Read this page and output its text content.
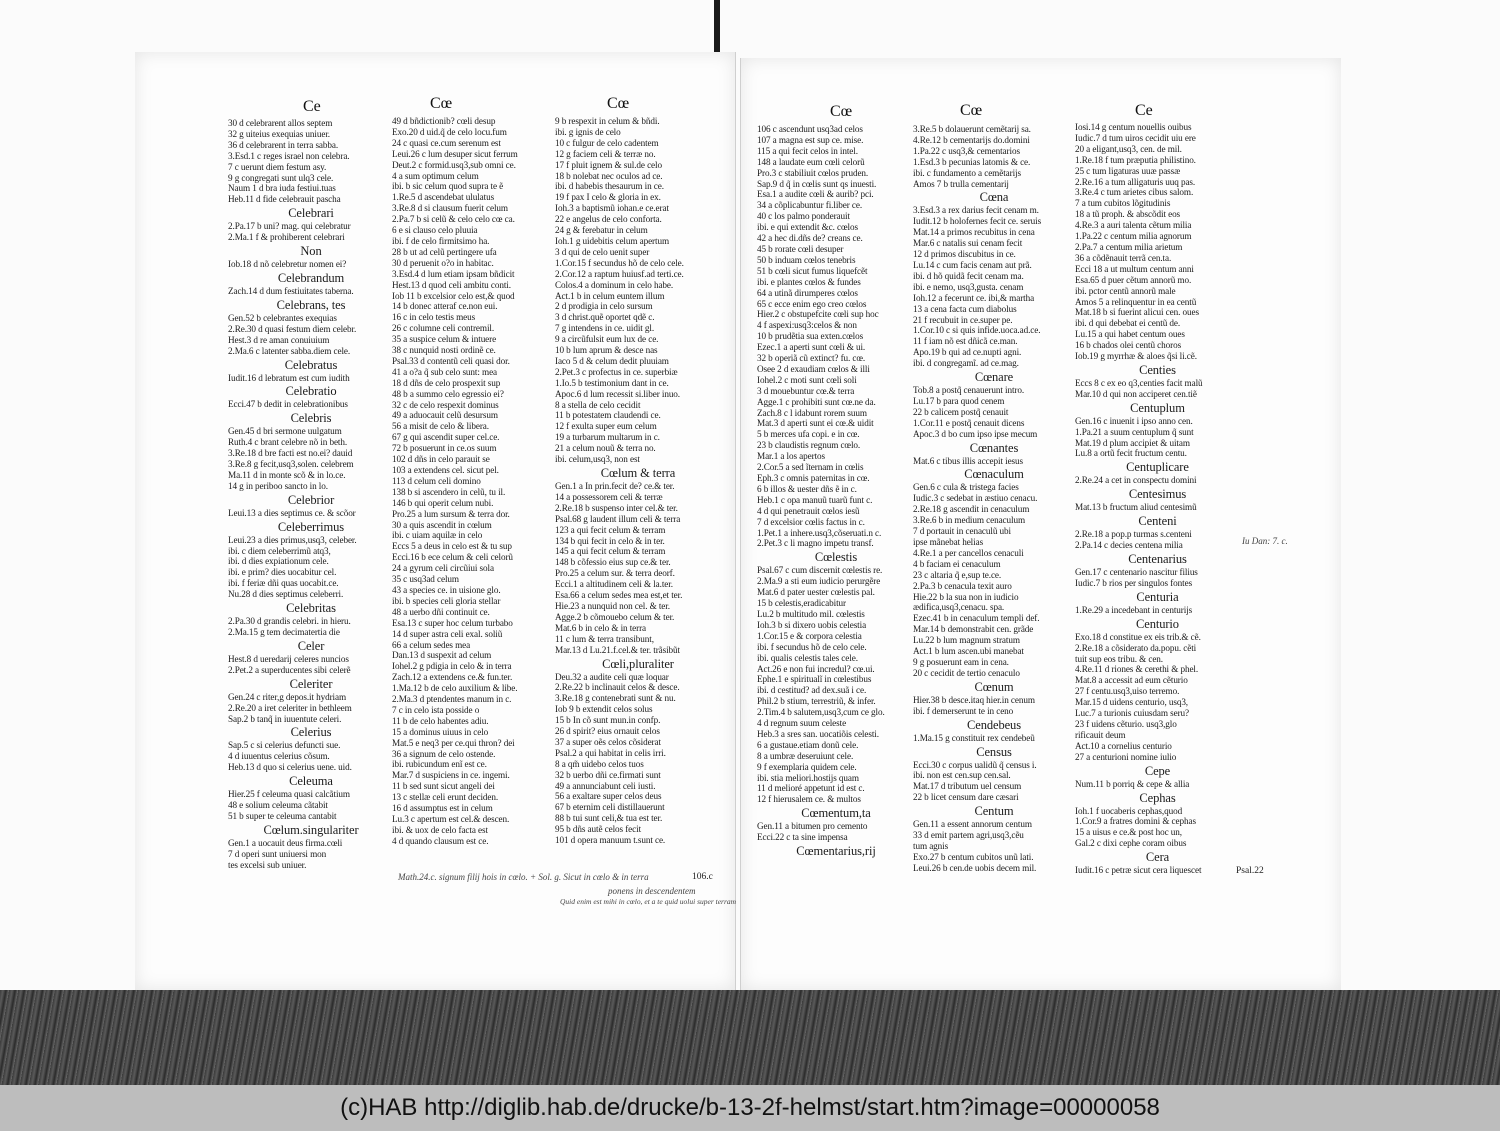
Ce	Cœ	Cœ	Cœ	Cœ	Ce
30 d celebrarent allos septem
32 g uiteius exequias uniuer.
36 d celebrarent in terra sabba.
3.Esd.1 c reges israel non celebra.
7 c uerunt diem festum asy.
9 g congregati sunt ulq3 cele.
Naum 1 d bra iuda festiui.tuas
Heb.11 d fide celebrauit pascha
Celebrari
2.Pa.17 b uni? mag. qui celebratur
2.Ma.1 f & prohiberent celebrari
Non
Iob.18 d nõ celebretur nomen ei?
Celebrandum
Zach.14 d dum festiuitates taberna.
Celebrans, tes
Gen.52 b celebrantes exequias
2.Re.30 d quasi festum diem celebr.
Hest.3 d re aman conuiuium
2.Ma.6 c latenter sabba.diem cele.
Celebratus
Iudit.16 d lebratum est cum iudith
Celebratio
Ecci.47 b dedit in celebrationibus
Celebris
Gen.45 d bri sermone uulgatum
Ruth.4 c brant celebre nõ in beth.
3.Re.18 d bre facti est no.ei? dauid
3.Re.8 g fecit,usq3,solen. celebrem
Ma.11 d in monte scõ & in lo.ce.
14 g in periboo sancto in lo.
Celebrior
Leui.13 a dies septimus ce. & scõor
Celeberrimus
Leui.23 a dies primus,usq3, celeber.
ibi. c diem celeberrimũ atq3,
ibi. d dies expiationum cele.
ibi. e prim? dies uocabitur cel.
ibi. f feriæ dñi quas uocabit.ce.
Nu.28 d dies septimus celeberri.
Celebritas
2.Pa.30 d grandis celebri. in hieru.
2.Ma.15 g tem decimatertia die
Celer
Hest.8 d ueredarij celeres nuncios
2.Pet.2 a superducentes sibi celerẽ
Celeriter
Gen.24 c riter,g depos.it hydriam
2.Re.20 a iret celeriter in bethleem
Sap.2 b tanq̃ in iuuentute celeri.
Celerius
Sap.5 c si celerius defuncti sue.
4 d iuuentus celerius cõsum.
Heb.13 d quo si celerius uene. uid.
Celeuma
Hier.25 f celeuma quasi calcãtium
48 e solium celeuma cãtabit
51 b super te celeuma cantabit
Cœlum.singulariter
Gen.1 a uocauit deus firma.cœli
7 d operi sunt uniuersi mon
tes excelsi sub uniuer.
49 d bñdictionib? cœli desup
Exo.20 d uid.q̃ de celo locu.fum
24 c quasi ce.cum serenum est
Leui.26 c lum desuper sicut ferrum
Deut.2 c formid.usq3,sub omni ce.
4 a sum optimum celum
ibi. b sic celum quod supra te ẽ
1.Re.5 d ascendebat ululatus
3.Re.8 d si clausum fuerit celum
2.Pa.7 b si celũ & celo celo cœ ca.
6 e si clauso celo pluuia
ibi. f de celo firmitsimo ha.
28 b ut ad celũ pertingere ufa
30 d peruenit o?o in habitac.
3.Esd.4 d lum etiam ipsam bñdicit
Hest.13 d quod celi ambitu conti.
Iob 11 b excelsior celo est,& quod
14 b donec atteraf ce.non eui.
16 c in celo testis meus
26 c columne celi contremil.
35 a suspice celum & intuere
38 c nunquid nosti ordinẽ ce.
Psal.33 d contentũ celi quasi dor.
41 a o?a q̃ sub celo sunt: mea
18 d dñs de celo prospexit sup
48 b a summo celo egressio ei?
32 c de celo respexit dominus
49 a aduocauit celũ desursum
56 a misit de celo & libera.
67 g qui ascendit super cel.ce.
72 b posuerunt in ce.os suum
102 d dñs in celo parauit se
103 a extendens cel. sicut pel.
113 d celum celi domino
138 b si ascendero in celũ, tu il.
146 b qui operit celum nubi.
Pro.25 a lum sursum & terra dor.
30 a quis ascendit in cœlum
ibi. c uiam aquilæ in celo
Eccs 5 a deus in celo est & tu sup
Ecci.16 b ece celum & celi celorũ
24 a gyrum celi circũiui sola
35 c usq3ad celum
43 a species ce. in uisione glo.
ibi. b species celi gloria stellar
48 a uerbo dñi continuit ce.
Esa.13 c super hoc celum turbabo
14 d super astra celi exal. soliũ
66 a celum sedes mea
Dan.13 d suspexit ad celum
Iohel.2 g pdigia in celo & in terra
Zach.12 a extendens ce.& fun.ter.
1.Ma.12 b de celo auxilium & libe.
2.Ma.3 d ptendentes manum in c.
7 c in celo ista posside o
11 b de celo habentes adiu.
15 a dominus uiuus in celo
Mat.5 e neq3 per ce.qui thron? dei
36 a signum de celo ostende.
ibi. rubicundum enĩ est ce.
Mar.7 d suspiciens in ce. ingemi.
11 b sed sunt sicut angeli dei
13 c stellæ celi erunt deciden.
16 d assumptus est in celum
Lu.3 c apertum est cel.& descen.
ibi. & uox de celo facta est
4 d quando clausum est ce.
9 b respexit in celum & bñdi.
ibi. g ignis de celo
10 c fulgur de celo cadentem
12 g faciem celi & terræ no.
17 f pluit ignem & sul.de celo
18 b nolebat nec oculos ad ce.
ibi. d habebis thesaurum in ce.
19 f pax I celo & gloria in ex.
Ioh.3 a baptismũ iohan.e ce.erat
22 e angelus de celo conforta.
24 g & ferebatur in celum
Ioh.1 g uidebitis celum apertum
3 d qui de celo uenit super
1.Cor.15 f secundus hõ de celo cele.
2.Cor.12 a raptum huiusf.ad terti.ce.
Colos.4 a dominum in celo habe.
Act.1 b in celum euntem illum
2 d prodigia in celo sursum
3 d christ.quẽ oportet qdẽ c.
7 g intendens in ce. uidit gl.
9 a circũfulsit eum lux de ce.
10 b lum aprum & desce nas
Iaco 5 d & celum dedit pluuiam
2.Pet.3 c profectus in ce. superbiæ
1.Io.5 b testimonium dant in ce.
Apoc.6 d lum recessit si.liber inuo.
8 a stella de celo cecidit
11 b potestatem claudendi ce.
12 f exulta super eum celum
19 a turbarum multarum in c.
21 a celum nouũ & terra no.
ibi. celum,usq3, non est
Cœlum & terra
Gen.1 a In prin.fecit de? ce.& ter.
14 a possessorem celi & terræ
2.Re.18 b suspenso inter cel.& ter.
Psal.68 g laudent illum celi & terra
123 a qui fecit celum & terram
134 b qui fecit in celo & in ter.
145 a qui fecit celum & terram
148 b cõfessio eius sup ce.& ter.
Pro.25 a celum sur. & terra deorf.
Ecci.1 a altitudinem celi & la.ter.
Esa.66 a celum sedes mea est,et ter.
Hie.23 a nunquid non cel. & ter.
Agge.2 b cõmouebo celum & ter.
Mat.6 b in celo & in terra
11 c lum & terra transibunt,
Mar.13 d Lu.21.f.cel.& ter. trãsibũt
Cœli,pluraliter
Deu.32 a audite celi quæ loquar
2.Re.22 b inclinauit celos & desce.
3.Re.18 g contenebrati sunt & nu.
Iob 9 b extendit celos solus
15 b In cõ sunt mun.in confp.
26 d spirit? eius ornauit celos
37 a super oẽs celos cõsiderat
Psal.2 a qui habitat in celis irri.
8 a qm̃ uidebo celos tuos
32 b uerbo dñi ce.firmati sunt
49 a annunciabunt celi iusti.
56 a exaltare super celos deus
67 b eternim celi distillauerunt
88 b tui sunt celi,& tua est ter.
95 b dñs autẽ celos fecit
101 d opera manuum t.sunt ce.
106 c ascendunt usq3ad celos
107 a magna est sup ce. mise.
115 a qui fecit celos in intel.
148 a laudate eum cœli celorũ
Pro.3 c stabiliuit cœlos pruden.
Sap.9 d q̃ in cœlis sunt qs inuesti.
Esa.1 a audite cœli & aurib? pci.
34 a cõplicabuntur fi.liber ce.
40 c los palmo ponderauit
ibi. e qui extendit &c. cœlos
42 a hec di.dñs de? creans ce.
45 b rorate cœli desuper
50 b induam cœlos tenebris
51 b cœli sicut fumus liquefcẽt
ibi. e plantes cœlos & fundes
64 a utinã dirumperes cœlos
65 c ecce enim ego creo cœlos
Hier.2 c obstupefcite cœli sup hoc
4 f aspexi:usq3:celos & non
10 b prudẽtia sua exten.cœlos
Ezec.1 a aperti sunt cœli & ui.
32 b operiã cũ extinct? fu. cœ.
Osee 2 d exaudiam cœlos & illi
Iohel.2 c moti sunt cœli soli
3 d mouebuntur cœ.& terra
Agge.1 c prohibiti sunt cœ.ne da.
Zach.8 c l idabunt rorem suum
Mat.3 d aperti sunt ei cœ.& uidit
5 b merces ufa copi. e in cœ.
23 b claudistis regnum cœlo.
Mar.1 a los apertos
2.Cor.5 a sed ĩternam in cœlis
Eph.3 c omnis paternitas in cœ.
6 b illos & uester dñs ẽ in c.
Heb.1 c opa manuũ tuarũ funt c.
4 d qui penetrauit cœlos iesũ
7 d excelsior cœlis factus in c.
1.Pet.1 a inhere.usq3,cõseruati.n c.
2.Pet.3 c li magno impetu transf.
Cœlestis
Psal.67 c cum discernit cœlestis re.
2.Ma.9 a sti eum iudicio perurgẽre
Mat.6 d pater uester cœlestis pal.
15 b celestis,eradicabitur
Lu.2 b multitudo mil. cœlestis
Ioh.3 b si dixero uobis celestia
1.Cor.15 e & corpora celestia
ibi. f secundus hõ de celo cele.
ibi. qualis celestis tales cele.
Act.26 e non fui incredul? cœ.ui.
Ephe.1 e spiritualĩ in cœlestibus
ibi. d cestitud? ad dex.suã i ce.
Phil.2 b stium, terrestriũ, & infer.
2.Tim.4 b salutem,usq3,cum ce glo.
4 d regnum suum celeste
Heb.3 a sres san. uocatiõis celesti.
6 a gustaue.etiam donũ cele.
8 a umbræ deseruiunt cele.
9 f exemplaria quidem cele.
ibi. stia meliori.hostijs quam
11 d melioré appetunt id est c.
12 f hierusalem ce. & multos
Cœmentum,ta
Gen.11 a bitumen pro cemento
Ecci.22 c ta sine impensa
Cœmentarius,rij
3.Re.5 b dolauerunt cemẽtarij sa.
4.Re.12 b cementarijs do.domini
1.Pa.22 c usq3,& cementarios
1.Esd.3 b pecunias latomis & ce.
ibi. c fundamento a cemẽtarijs
Amos 7 b trulla cementarij
Cœna
3.Esd.3 a rex darius fecit cenam m.
Iudit.12 b holofernes fecit ce. seruis
Mat.14 a primos recubitus in cena
Mar.6 c natalis sui cenam fecit
12 d primos discubitus in ce.
Lu.14 c cum facis cenam aut prã.
ibi. d hõ quidã fecit cenam ma.
ibi. e nemo, usq3,gusta. cenam
Ioh.12 a fecerunt ce. ibi,& martha
13 a cena facta cum diabolus
21 f recubuit in ce.super pe.
1.Cor.10 c si quis infide.uoca.ad.ce.
11 f iam nõ est dñicã ce.man.
Apo.19 b qui ad ce.nupti agni.
ibi. d congregamĩ. ad ce.mag.
Cœnare
Tob.8 a postq̃ cenauerunt intro.
Lu.17 b para quod cenem
22 b calicem postq̃ cenauit
1.Cor.11 e postq̃ cenauit dicens
Apoc.3 d bo cum ipso ipse mecum
Cœnantes
Mat.6 c tibus illis accepit iesus
Cœnaculum
Gen.6 c cula & tristega facies
Iudic.3 c sedebat in æstiuo cenacu.
2.Re.18 g ascendit in cenaculum
3.Re.6 b in medium cenaculum
7 d portauit in cenaculũ ubi
ipse mãnebat helias
4.Re.1 a per cancellos cenaculi
4 b faciam ei cenaculum
23 c altaria q̃ e,sup te.ce.
2.Pa.3 b cenacula texit auro
Hie.22 b la sua non in iudicio
ædifica,usq3,cenacu. spa.
Ezec.41 b in cenaculum templi def.
Mar.14 b demonstrabit cen. grãde
Lu.22 b lum magnum stratum
Act.1 b lum ascen.ubi manebat
9 g posuerunt eam in cena.
20 c cecidit de tertio cenaculo
Cœnum
Hier.38 b desce.itaq hier.in cenum
ibi. f demerserunt te in ceno
Cendebeus
1.Ma.15 g constituit rex cendebeũ
Census
Ecci.30 c corpus ualidũ q̃ census i.
ibi. non est cen.sup cen.sal.
Mat.17 d tributum uel censum
22 b licet censum dare cæsari
Centum
Gen.11 a essent annorum centum
33 d emit partem agri,usq3,cẽu
tum agnis
Exo.27 b centum cubitos unũ lati.
Leui.26 b cen.de uobis decem mil.
Iosi.14 g centum nouellis ouibus
Iudic.7 d tum uiros cecidit uiu ere
20 a eligant,usq3, cen. de mil.
1.Re.18 f tum præputia philistino.
25 c tum ligaturas uuæ passæ
2.Re.16 a tum alligaturis uuq pas.
3.Re.4 c tum arietes cibus salom.
7 a tum cubitos lõgitudinis
18 a tũ proph. & abscõdit eos
4.Re.3 a auri talenta cẽtum milia
1.Pa.22 c centum milia agnorum
2.Pa.7 a centum milia arietum
36 a cõdẽnauit terrã cen.ta.
Ecci 18 a ut multum centum anni
Esa.65 d puer cẽtum annorũ mo.
ibi. pctor centũ annorũ male
Amos 5 a relinquentur in ea centũ
Mat.18 b si fuerint alicui cen. oues
ibi. d qui debebat ei centũ de.
Lu.15 a qui habet centum oues
16 b chados olei centũ choros
Iob.19 g myrrhæ & aloes q̃si li.cẽ.
Centies
Eccs 8 c ex eo q3,centies facit malũ
Mar.10 d qui non acciperet cen.tiẽ
Centuplum
Gen.16 c inuenit i ipso anno cen.
1.Pa.21 a suum centuplum q̃ sunt
Mat.19 d plum accipiet & uitam
Lu.8 a ortũ fecit fructum centu.
Centuplicare
2.Re.24 a cet in conspectu domini
Centesimus
Mat.13 b fructum aliud centesimũ
Centeni
2.Re.18 a pop.p turmas s.centeni
2.Pa.14 c decies centena milia
Centenarius
Gen.17 c centenario nascitur filius
Iudic.7 b rios per singulos fontes
Centuria
1.Re.29 a incedebant in centurijs
Centurio
Exo.18 d constitue ex eis trib.& cẽ.
2.Re.18 a cõsiderato da.popu. cẽti
tuit sup eos tribu. & cen.
4.Re.11 d riones & cerethi & phel.
Mat.8 a accessit ad eum cẽturio
27 f centu.usq3,uiso terremo.
Mar.15 d uidens centurio, usq3,
Luc.7 a turionis cuiusdam seru?
23 f uidens cẽturio. usq3,glo
rificauit deum
Act.10 a cornelius centurio
27 a centurioni nomine iulio
Cepe
Num.11 b porriq & cepe & allia
Cephas
Ioh.1 f uocaberis cephas,quod
1.Cor.9 a fratres domini & cephas
15 a uisus e ce.& post hoc un,
Gal.2 c dixi cephe coram oibus
Cera
Iudit.16 c petræ sicut cera liquescet
Math.24.c. signum filij hois in cœlo. + Sol. g. Sicut in cœlo & in terra
ponens in descendentem
Quid enim est mihi in cœlo, et a te quid uolui super terram
106.c
Iu Dan: 7. c.
Psal.22
(c)HAB http://diglib.hab.de/drucke/b-13-2f-helmst/start.htm?image=00000058
